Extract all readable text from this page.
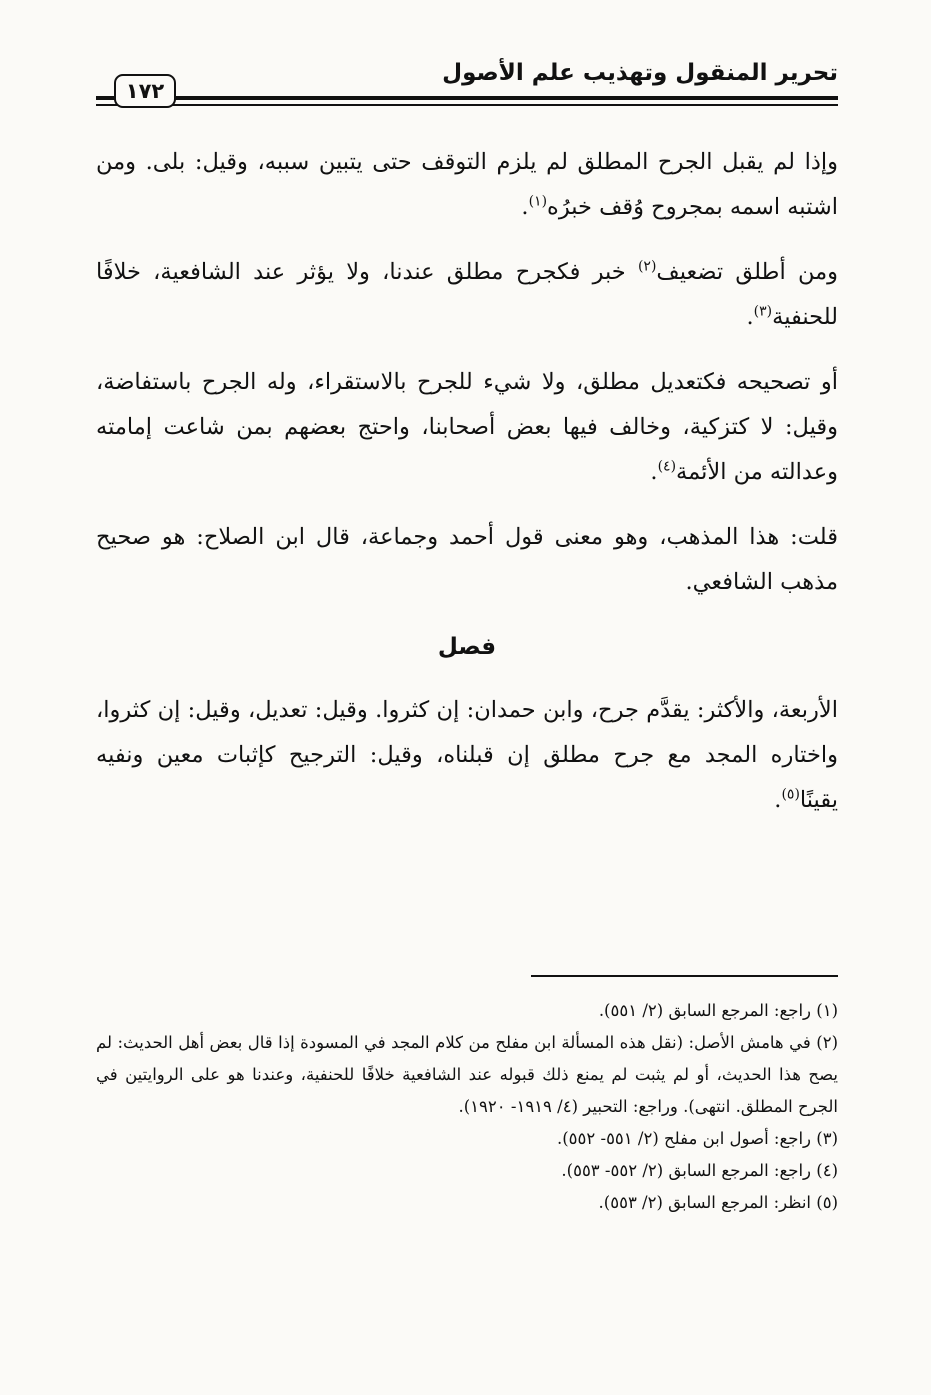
تحرير المنقول وتهذيب علم الأصول
١٧٢

وإذا لم يقبل الجرح المطلق لم يلزم التوقف حتى يتبين سببه، وقيل: بلى. ومن اشتبه اسمه بمجروح وُقف خبرُه$^{(١)}$.

ومن أطلق تضعيف$^{(٢)}$ خبر فكجرح مطلق عندنا، ولا يؤثر عند الشافعية، خلافًا للحنفية$^{(٣)}$.

أو تصحيحه فكتعديل مطلق، ولا شيء للجرح بالاستقراء، وله الجرح باستفاضة، وقيل: لا كتزكية، وخالف فيها بعض أصحابنا، واحتج بعضهم بمن شاعت إمامته وعدالته من الأئمة$^{(٤)}$.

قلت: هذا المذهب، وهو معنى قول أحمد وجماعة، قال ابن الصلاح: هو صحيح مذهب الشافعي.

فصل

الأربعة، والأكثر: يقدَّم جرح، وابن حمدان: إن كثروا. وقيل: تعديل، وقيل: إن كثروا، واختاره المجد مع جرح مطلق إن قبلناه، وقيل: الترجيح كإثبات معين ونفيه يقينًا$^{(٥)}$.

(١) راجع: المرجع السابق (٢/ ٥٥١).

(٢) في هامش الأصل: (نقل هذه المسألة ابن مفلح من كلام المجد في المسودة إذا قال بعض أهل الحديث: لم يصح هذا الحديث، أو لم يثبت لم يمنع ذلك قبوله عند الشافعية خلافًا للحنفية، وعندنا هو على الروايتين في الجرح المطلق. انتهى). وراجع: التحبير (٤/ ١٩١٩- ١٩٢٠).

(٣) راجع: أصول ابن مفلح (٢/ ٥٥١- ٥٥٢).

(٤) راجع: المرجع السابق (٢/ ٥٥٢- ٥٥٣).

(٥) انظر: المرجع السابق (٢/ ٥٥٣).
